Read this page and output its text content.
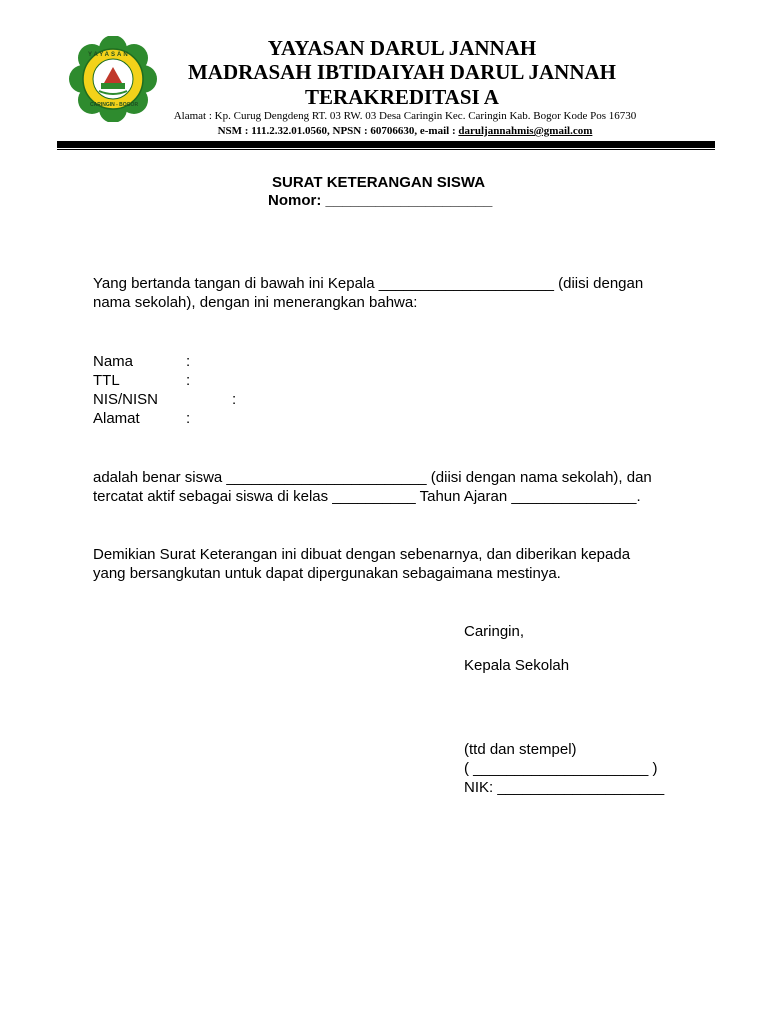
YAYASAN
CARINGIN - BOGOR
YAYASAN DARUL JANNAH
MADRASAH IBTIDAIYAH DARUL JANNAH
TERAKREDITASI A
Alamat : Kp. Curug Dengdeng RT. 03 RW. 03 Desa Caringin Kec. Caringin Kab. Bogor Kode Pos 16730
NSM : 111.2.32.01.0560, NPSN : 60706630, e-mail : daruljannahmis@gmail.com
SURAT KETERANGAN SISWA
Nomor: ____________________
Yang bertanda tangan di bawah ini Kepala _____________________ (diisi dengan
nama sekolah), dengan ini menerangkan bahwa:
Nama	:
TTL	:
NIS/NISN	:
Alamat	:
adalah benar siswa ________________________ (diisi dengan nama sekolah), dan
tercatat aktif sebagai siswa di kelas __________ Tahun Ajaran _______________.
Demikian Surat Keterangan ini dibuat dengan sebenarnya, dan diberikan kepada
yang bersangkutan untuk dapat dipergunakan sebagaimana mestinya.
Caringin,
Kepala Sekolah
(ttd dan stempel)
( _____________________ )
NIK: ____________________
